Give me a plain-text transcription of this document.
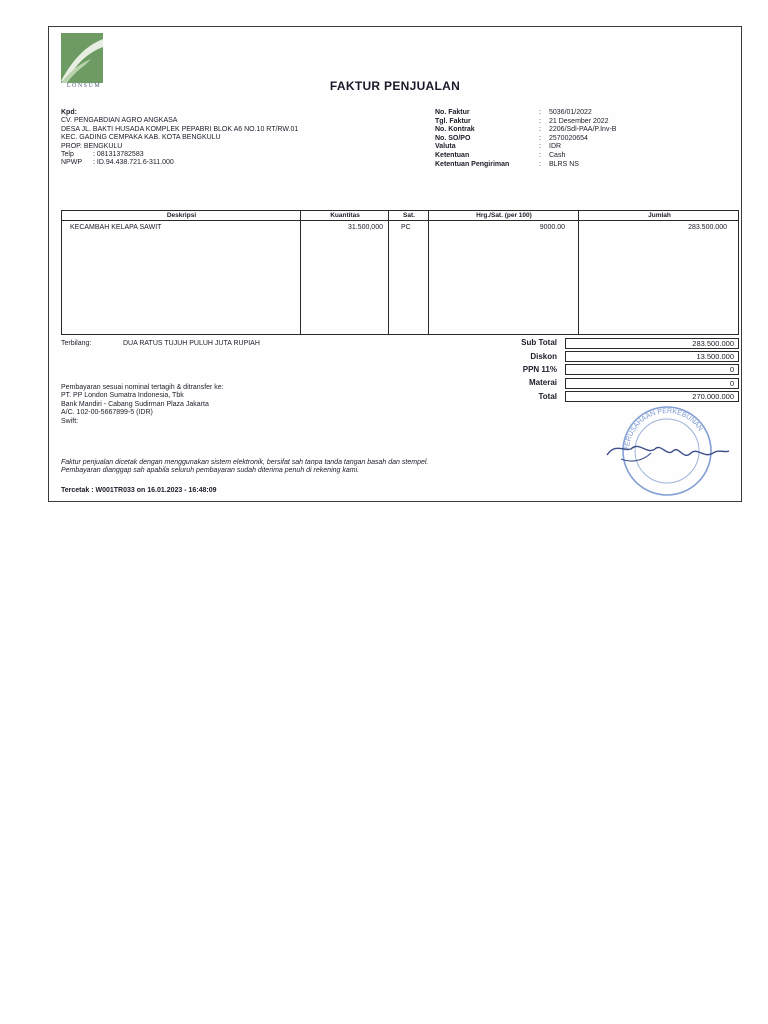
LONSUM	FAKTUR PENJUALAN
Kpd:
CV. PENGABDIAN AGRO ANGKASA
DESA JL. BAKTI HUSADA KOMPLEK PEPABRI BLOK A6 NO.10 RT/RW.01
KEC. GADING CEMPAKA KAB. KOTA BENGKULU
PROP. BENGKULU
Telp	: 081313782583
NPWP	: ID.94.438.721.6-311.000
No. Faktur	:	5036/01/2022
Tgl. Faktur	:	21 Desember 2022
No. Kontrak	:	2206/Sdl-PAA/P.Inv-B
No. SO/PO	:	2570020654
Valuta	:	IDR
Ketentuan	:	Cash
Ketentuan Pengiriman	:	BLRS NS
Deskripsi	Kuantitas	Sat.	Hrg./Sat. (per 100)	Jumlah
KECAMBAH KELAPA SAWIT	31.500,000	PC	9000.00	283.500.000
Terbilang:	DUA RATUS TUJUH PULUH JUTA RUPIAH	Sub Total	283.500.000
Diskon	13.500.000
PPN 11%	0
Materai	0
Total	270.000.000
Pembayaran sesuai nominal tertagih & ditransfer ke:
PT. PP London Sumatra Indonesia, Tbk
Bank Mandiri - Cabang Sudirman Plaza Jakarta
A/C. 102-00-5667899-5 (IDR)
Swift:
Faktur penjualan dicetak dengan menggunakan sistem elektronik, bersifat sah tanpa tanda tangan basah dan stempel.
Pembayaran dianggap sah apabila seluruh pembayaran sudah diterima penuh di rekening kami.
Tercetak : W001TR033 on 16.01.2023 - 16:48:09
PERUSAHAAN PERKEBUNAN
